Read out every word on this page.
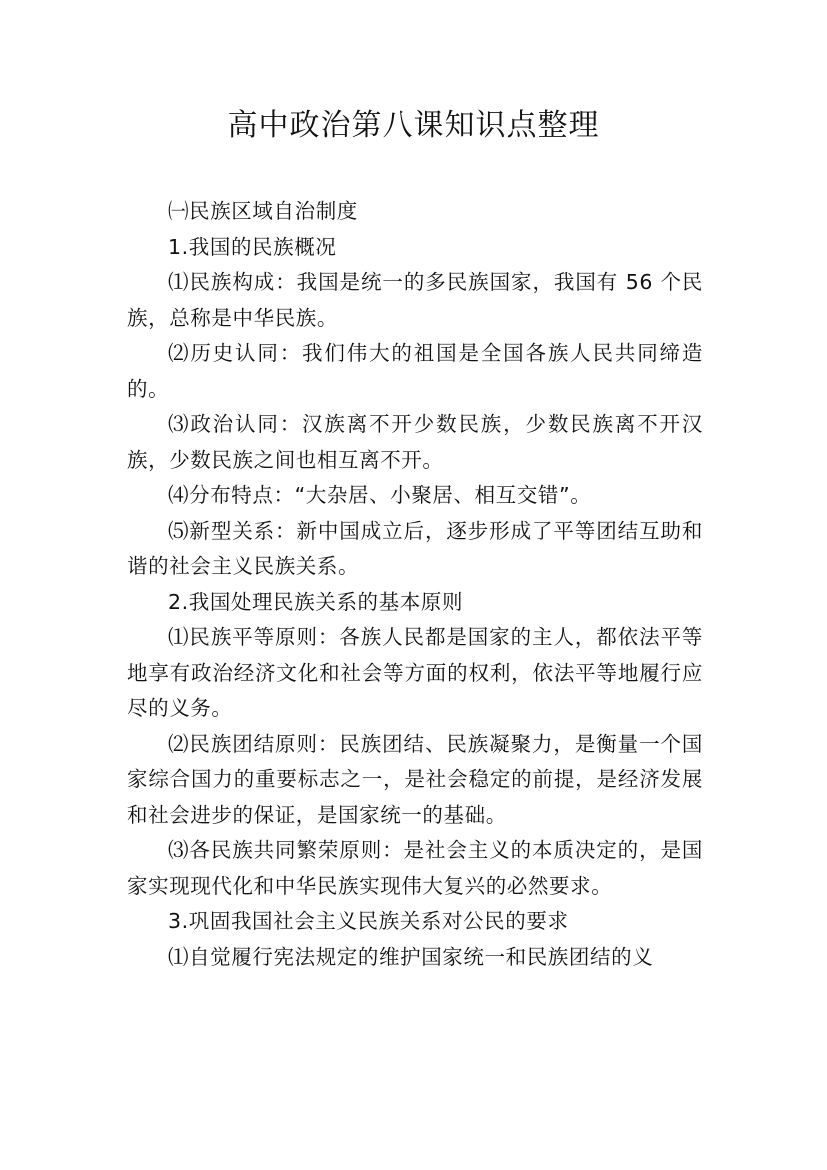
高中政治第八课知识点整理

㈠民族区域自治制度

1.我国的民族概况

⑴民族构成：我国是统一的多民族国家，我国有 56 个民族，总称是中华民族。

⑵历史认同：我们伟大的祖国是全国各族人民共同缔造的。

⑶政治认同：汉族离不开少数民族，少数民族离不开汉族，少数民族之间也相互离不开。

⑷分布特点：“大杂居、小聚居、相互交错”。

⑸新型关系：新中国成立后，逐步形成了平等团结互助和谐的社会主义民族关系。

2.我国处理民族关系的基本原则

⑴民族平等原则：各族人民都是国家的主人，都依法平等地享有政治经济文化和社会等方面的权利，依法平等地履行应尽的义务。

⑵民族团结原则：民族团结、民族凝聚力，是衡量一个国家综合国力的重要标志之一，是社会稳定的前提，是经济发展和社会进步的保证，是国家统一的基础。

⑶各民族共同繁荣原则：是社会主义的本质决定的，是国家实现现代化和中华民族实现伟大复兴的必然要求。

3.巩固我国社会主义民族关系对公民的要求

⑴自觉履行宪法规定的维护国家统一和民族团结的义
